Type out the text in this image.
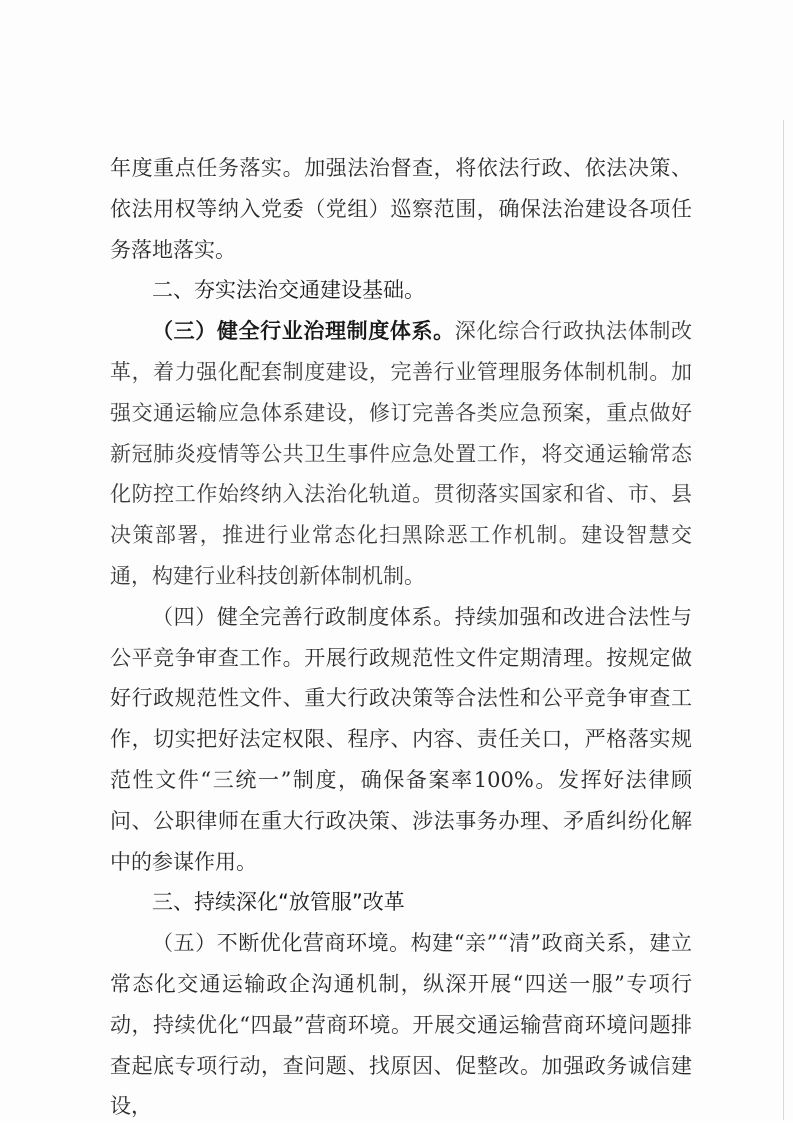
年度重点任务落实。加强法治督查，将依法行政、依法决策、依法用权等纳入党委（党组）巡察范围，确保法治建设各项任务落地落实。

二、夯实法治交通建设基础。

（三）健全行业治理制度体系。深化综合行政执法体制改革，着力强化配套制度建设，完善行业管理服务体制机制。加强交通运输应急体系建设，修订完善各类应急预案，重点做好新冠肺炎疫情等公共卫生事件应急处置工作，将交通运输常态化防控工作始终纳入法治化轨道。贯彻落实国家和省、市、县决策部署，推进行业常态化扫黑除恶工作机制。建设智慧交通，构建行业科技创新体制机制。

（四）健全完善行政制度体系。持续加强和改进合法性与公平竞争审查工作。开展行政规范性文件定期清理。按规定做好行政规范性文件、重大行政决策等合法性和公平竞争审查工作，切实把好法定权限、程序、内容、责任关口，严格落实规范性文件“三统一”制度，确保备案率100%。发挥好法律顾问、公职律师在重大行政决策、涉法事务办理、矛盾纠纷化解中的参谋作用。

三、持续深化“放管服”改革

（五）不断优化营商环境。构建“亲”“清”政商关系，建立常态化交通运输政企沟通机制，纵深开展“四送一服”专项行动，持续优化“四最”营商环境。开展交通运输营商环境问题排查起底专项行动，查问题、找原因、促整改。加强政务诚信建设，
